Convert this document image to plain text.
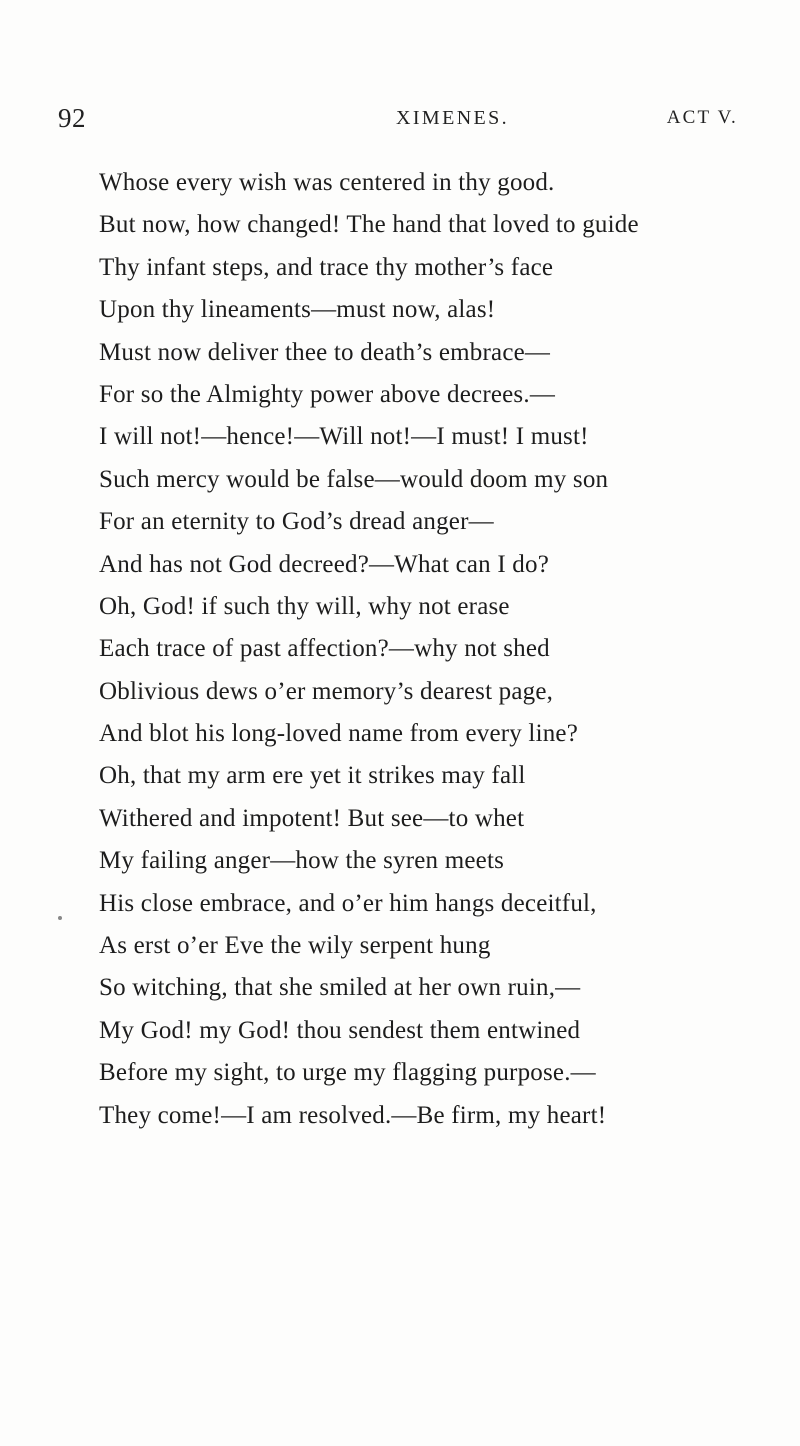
92	XIMENES.	ACT V.
Whose every wish was centered in thy good.
But now, how changed! The hand that loved to guide
Thy infant steps, and trace thy mother’s face
Upon thy lineaments—must now, alas!
Must now deliver thee to death’s embrace—
For so the Almighty power above decrees.—
I will not!—hence!—Will not!—I must! I must!
Such mercy would be false—would doom my son
For an eternity to God’s dread anger—
And has not God decreed?—What can I do?
Oh, God! if such thy will, why not erase
Each trace of past affection?—why not shed
Oblivious dews o’er memory’s dearest page,
And blot his long-loved name from every line?
Oh, that my arm ere yet it strikes may fall
Withered and impotent! But see—to whet
My failing anger—how the syren meets
His close embrace, and o’er him hangs deceitful,
As erst o’er Eve the wily serpent hung
So witching, that she smiled at her own ruin,—
My God! my God! thou sendest them entwined
Before my sight, to urge my flagging purpose.—
They come!—I am resolved.—Be firm, my heart!
